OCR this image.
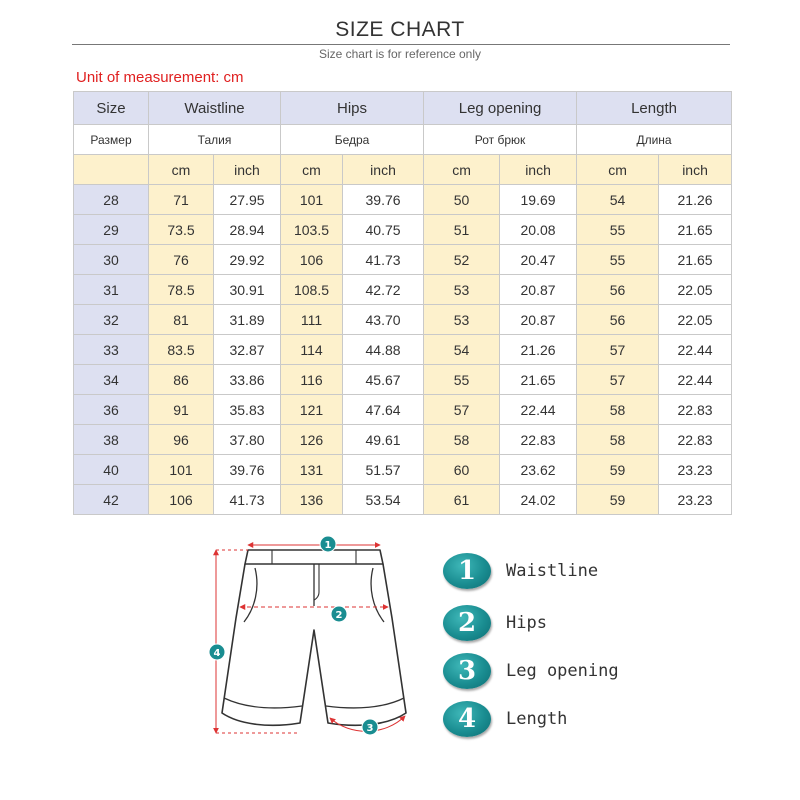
SIZE CHART
Size chart is for reference only
Unit of measurement: cm
Size	Waistline		Hips		Leg opening		Length	
Размер	Талия		Бедра		Рот брюк		Длина	
	cm	inch	cm	inch	cm	inch	cm	inch
28	71	27.95	101	39.76	50	19.69	54	21.26
29	73.5	28.94	103.5	40.75	51	20.08	55	21.65
30	76	29.92	106	41.73	52	20.47	55	21.65
31	78.5	30.91	108.5	42.72	53	20.87	56	22.05
32	81	31.89	111	43.70	53	20.87	56	22.05
33	83.5	32.87	114	44.88	54	21.26	57	22.44
34	86	33.86	116	45.67	55	21.65	57	22.44
36	91	35.83	121	47.64	57	22.44	58	22.83
38	96	37.80	126	49.61	58	22.83	58	22.83
40	101	39.76	131	51.57	60	23.62	59	23.23
42	106	41.73	136	53.54	61	24.02	59	23.23
1
2
3
4
1	Waistline
2	Hips
3	Leg opening
4	Length
